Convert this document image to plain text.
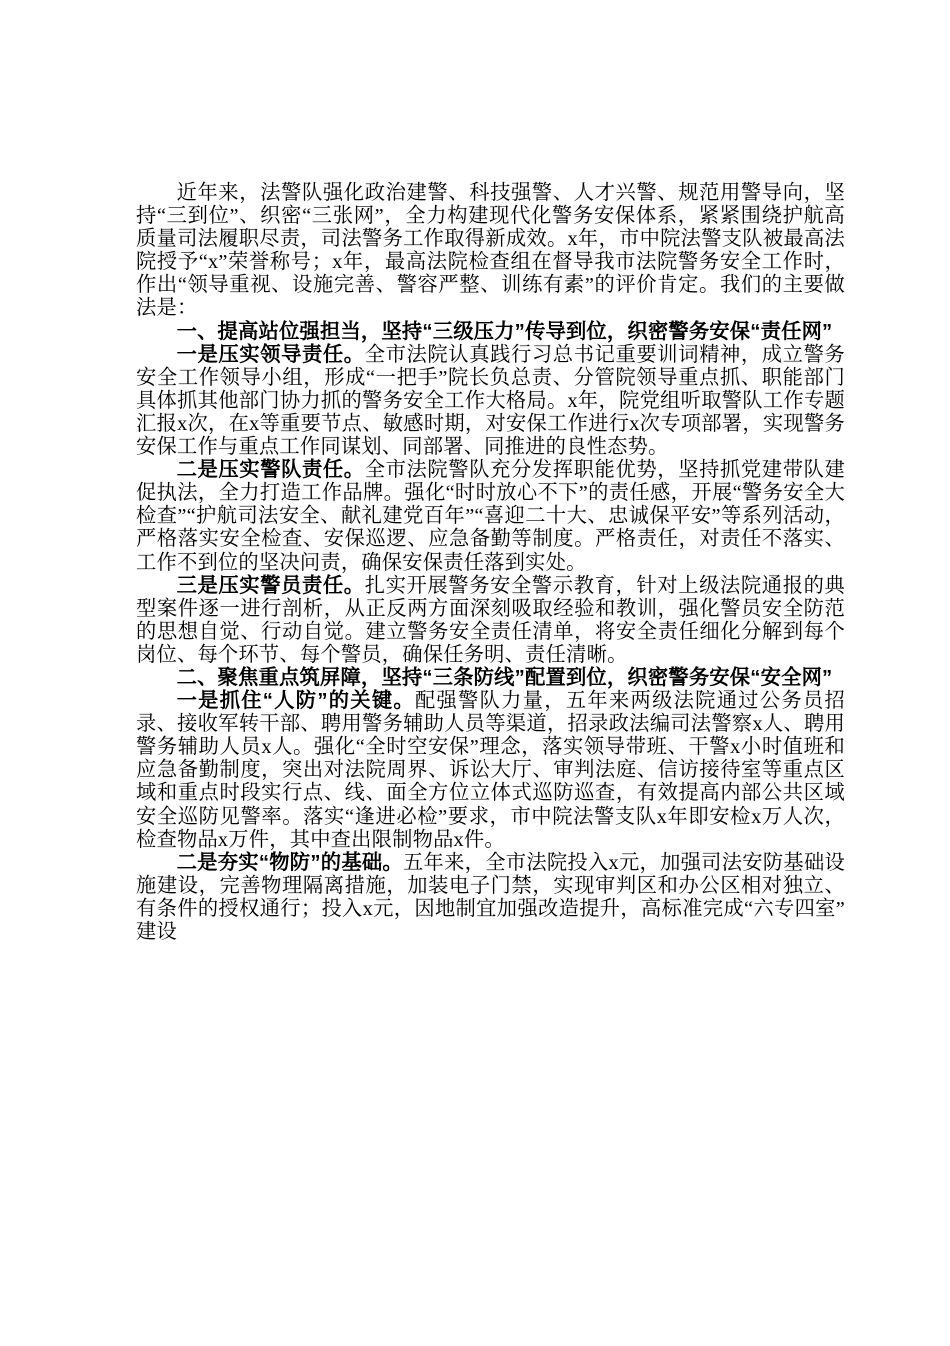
近年来，法警队强化政治建警、科技强警、人才兴警、规范用警导向，坚持“三到位”、织密“三张网”，全力构建现代化警务安保体系，紧紧围绕护航高质量司法履职尽责，司法警务工作取得新成效。x年，市中院法警支队被最高法院授予“x”荣誉称号；x年，最高法院检查组在督导我市法院警务安全工作时，作出“领导重视、设施完善、警容严整、训练有素”的评价肯定。我们的主要做法是：

一、提高站位强担当，坚持“三级压力”传导到位，织密警务安保“责任网”

一是压实领导责任。全市法院认真践行习总书记重要训词精神，成立警务安全工作领导小组，形成“一把手”院长负总责、分管院领导重点抓、职能部门具体抓其他部门协力抓的警务安全工作大格局。x年，院党组听取警队工作专题汇报x次，在x等重要节点、敏感时期，对安保工作进行x次专项部署，实现警务安保工作与重点工作同谋划、同部署、同推进的良性态势。

二是压实警队责任。全市法院警队充分发挥职能优势，坚持抓党建带队建促执法，全力打造工作品牌。强化“时时放心不下”的责任感，开展“警务安全大检查”“护航司法安全、献礼建党百年”“喜迎二十大、忠诚保平安”等系列活动，严格落实安全检查、安保巡逻、应急备勤等制度。严格责任，对责任不落实、工作不到位的坚决问责，确保安保责任落到实处。

三是压实警员责任。扎实开展警务安全警示教育，针对上级法院通报的典型案件逐一进行剖析，从正反两方面深刻吸取经验和教训，强化警员安全防范的思想自觉、行动自觉。建立警务安全责任清单，将安全责任细化分解到每个岗位、每个环节、每个警员，确保任务明、责任清晰。

二、聚焦重点筑屏障，坚持“三条防线”配置到位，织密警务安保“安全网”

一是抓住“人防”的关键。配强警队力量，五年来两级法院通过公务员招录、接收军转干部、聘用警务辅助人员等渠道，招录政法编司法警察x人、聘用警务辅助人员x人。强化“全时空安保”理念，落实领导带班、干警x小时值班和应急备勤制度，突出对法院周界、诉讼大厅、审判法庭、信访接待室等重点区域和重点时段实行点、线、面全方位立体式巡防巡查，有效提高内部公共区域安全巡防见警率。落实“逢进必检”要求，市中院法警支队x年即安检x万人次，检查物品x万件，其中查出限制物品x件。

二是夯实“物防”的基础。五年来，全市法院投入x元，加强司法安防基础设施建设，完善物理隔离措施，加装电子门禁，实现审判区和办公区相对独立、有条件的授权通行；投入x元，因地制宜加强改造提升，高标准完成“六专四室”建设
